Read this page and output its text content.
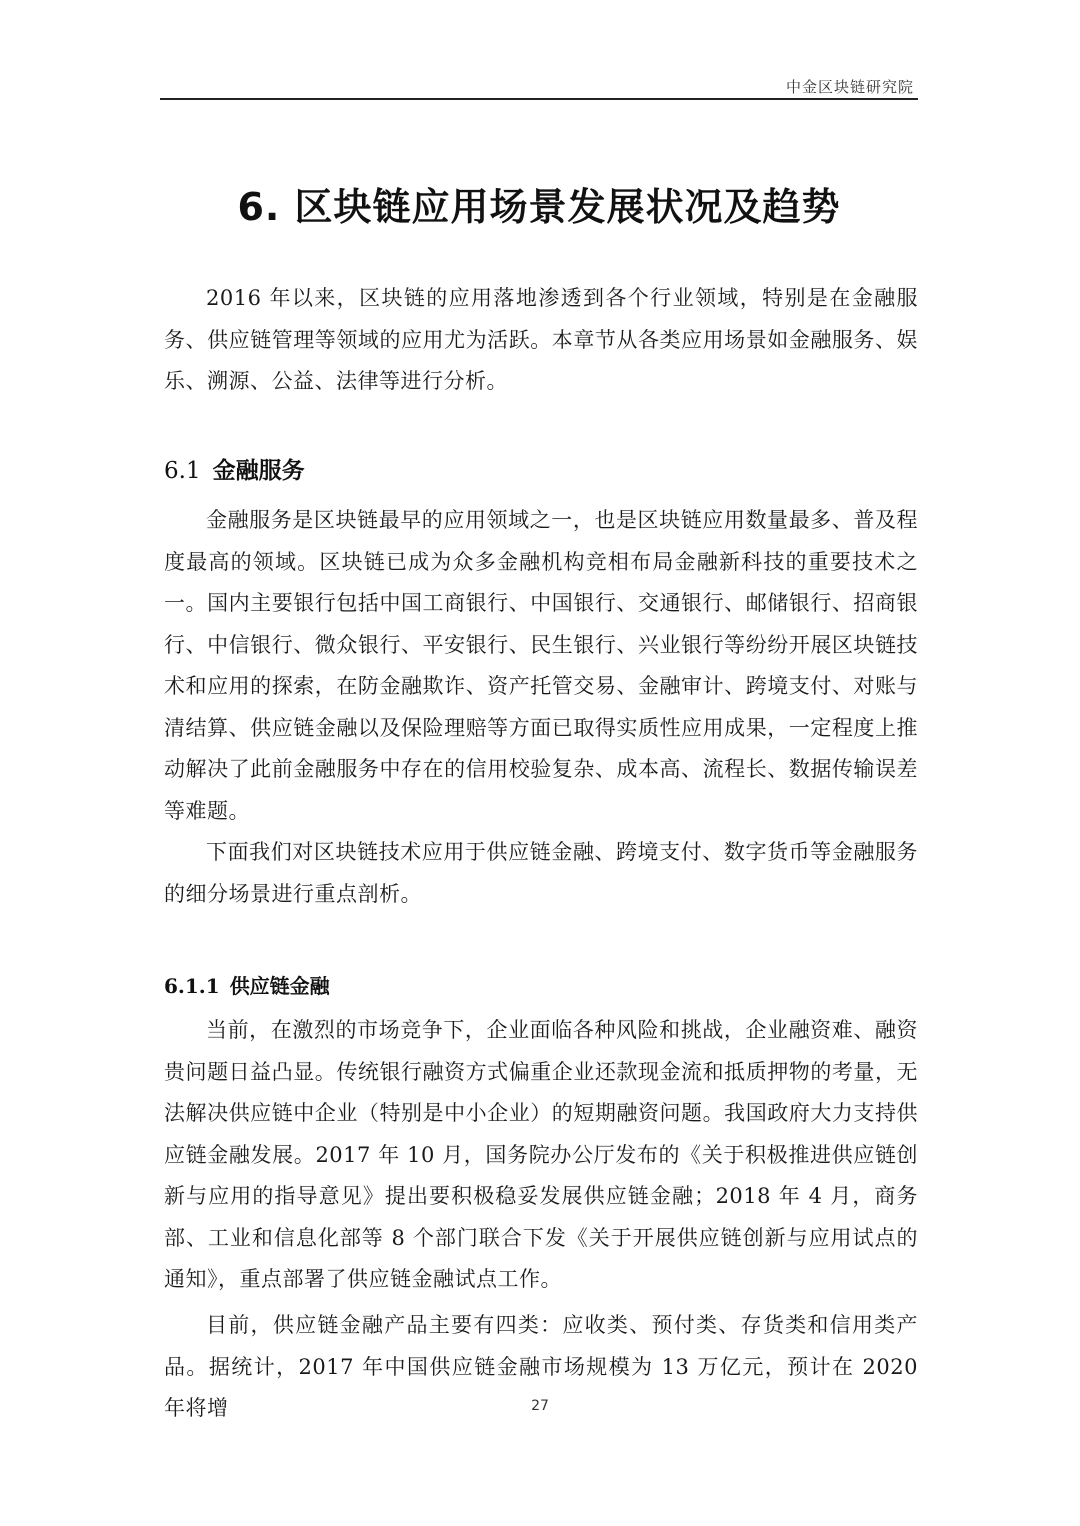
中金区块链研究院
6. 区块链应用场景发展状况及趋势

2016 年以来，区块链的应用落地渗透到各个行业领域，特别是在金融服务、供应链管理等领域的应用尤为活跃。本章节从各类应用场景如金融服务、娱乐、溯源、公益、法律等进行分析。

6.1 金融服务

金融服务是区块链最早的应用领域之一，也是区块链应用数量最多、普及程度最高的领域。区块链已成为众多金融机构竞相布局金融新科技的重要技术之一。国内主要银行包括中国工商银行、中国银行、交通银行、邮储银行、招商银行、中信银行、微众银行、平安银行、民生银行、兴业银行等纷纷开展区块链技术和应用的探索，在防金融欺诈、资产托管交易、金融审计、跨境支付、对账与清结算、供应链金融以及保险理赔等方面已取得实质性应用成果，一定程度上推动解决了此前金融服务中存在的信用校验复杂、成本高、流程长、数据传输误差等难题。

下面我们对区块链技术应用于供应链金融、跨境支付、数字货币等金融服务的细分场景进行重点剖析。

6.1.1 供应链金融

当前，在激烈的市场竞争下，企业面临各种风险和挑战，企业融资难、融资贵问题日益凸显。传统银行融资方式偏重企业还款现金流和抵质押物的考量，无法解决供应链中企业（特别是中小企业）的短期融资问题。我国政府大力支持供应链金融发展。2017 年 10 月，国务院办公厅发布的《关于积极推进供应链创新与应用的指导意见》提出要积极稳妥发展供应链金融；2018 年 4 月，商务部、工业和信息化部等 8 个部门联合下发《关于开展供应链创新与应用试点的通知》，重点部署了供应链金融试点工作。

目前，供应链金融产品主要有四类：应收类、预付类、存货类和信用类产品。据统计，2017 年中国供应链金融市场规模为 13 万亿元，预计在 2020 年将增	27
